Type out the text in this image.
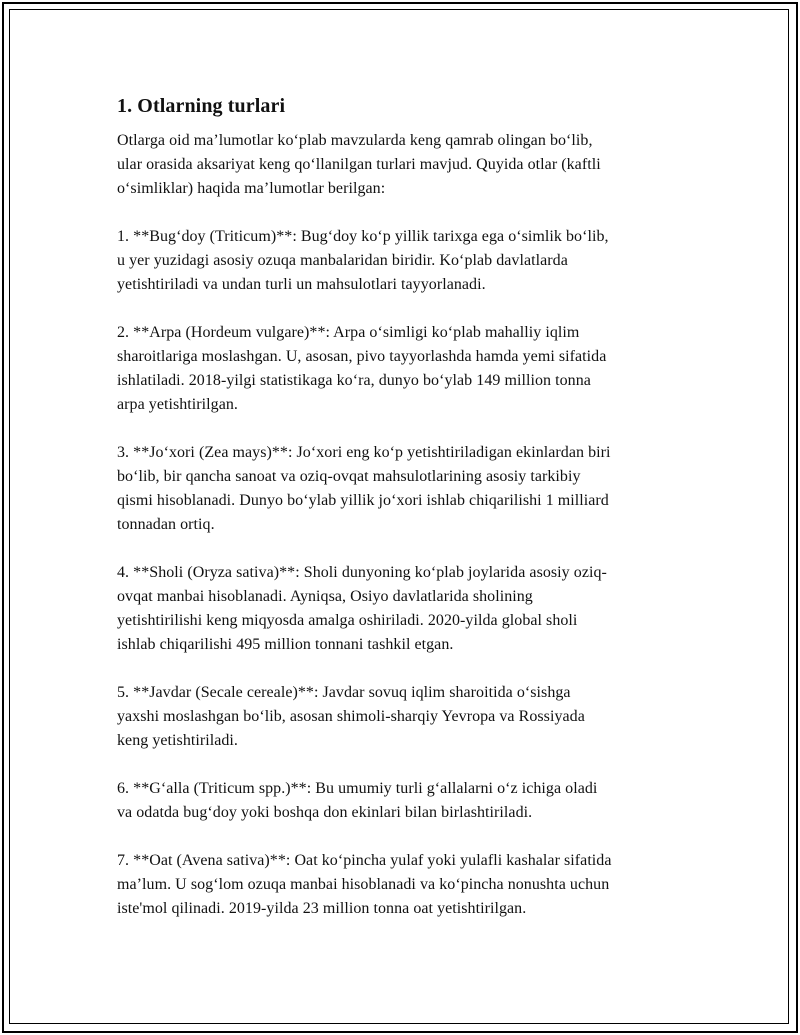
1. Otlarning turlari

Otlarga oid ma’lumotlar ko‘plab mavzularda keng qamrab olingan bo‘lib,
ular orasida aksariyat keng qo‘llanilgan turlari mavjud. Quyida otlar (kaftli
o‘simliklar) haqida ma’lumotlar berilgan:

1. **Bug‘doy (Triticum)**: Bug‘doy ko‘p yillik tarixga ega o‘simlik bo‘lib,
u yer yuzidagi asosiy ozuqa manbalaridan biridir. Ko‘plab davlatlarda
yetishtiriladi va undan turli un mahsulotlari tayyorlanadi.

2. **Arpa (Hordeum vulgare)**: Arpa o‘simligi ko‘plab mahalliy iqlim
sharoitlariga moslashgan. U, asosan, pivo tayyorlashda hamda yemi sifatida
ishlatiladi. 2018-yilgi statistikaga ko‘ra, dunyo bo‘ylab 149 million tonna
arpa yetishtirilgan.

3. **Jo‘xori (Zea mays)**: Jo‘xori eng ko‘p yetishtiriladigan ekinlardan biri
bo‘lib, bir qancha sanoat va oziq-ovqat mahsulotlarining asosiy tarkibiy
qismi hisoblanadi. Dunyo bo‘ylab yillik jo‘xori ishlab chiqarilishi 1 milliard
tonnadan ortiq.

4. **Sholi (Oryza sativa)**: Sholi dunyoning ko‘plab joylarida asosiy oziq-
ovqat manbai hisoblanadi. Ayniqsa, Osiyo davlatlarida sholining
yetishtirilishi keng miqyosda amalga oshiriladi. 2020-yilda global sholi
ishlab chiqarilishi 495 million tonnani tashkil etgan.

5. **Javdar (Secale cereale)**: Javdar sovuq iqlim sharoitida o‘sishga
yaxshi moslashgan bo‘lib, asosan shimoli-sharqiy Yevropa va Rossiyada
keng yetishtiriladi.

6. **G‘alla (Triticum spp.)**: Bu umumiy turli g‘allalarni o‘z ichiga oladi
va odatda bug‘doy yoki boshqa don ekinlari bilan birlashtiriladi.

7. **Oat (Avena sativa)**: Oat ko‘pincha yulaf yoki yulafli kashalar sifatida
ma’lum. U sog‘lom ozuqa manbai hisoblanadi va ko‘pincha nonushta uchun
iste'mol qilinadi. 2019-yilda 23 million tonna oat yetishtirilgan.
